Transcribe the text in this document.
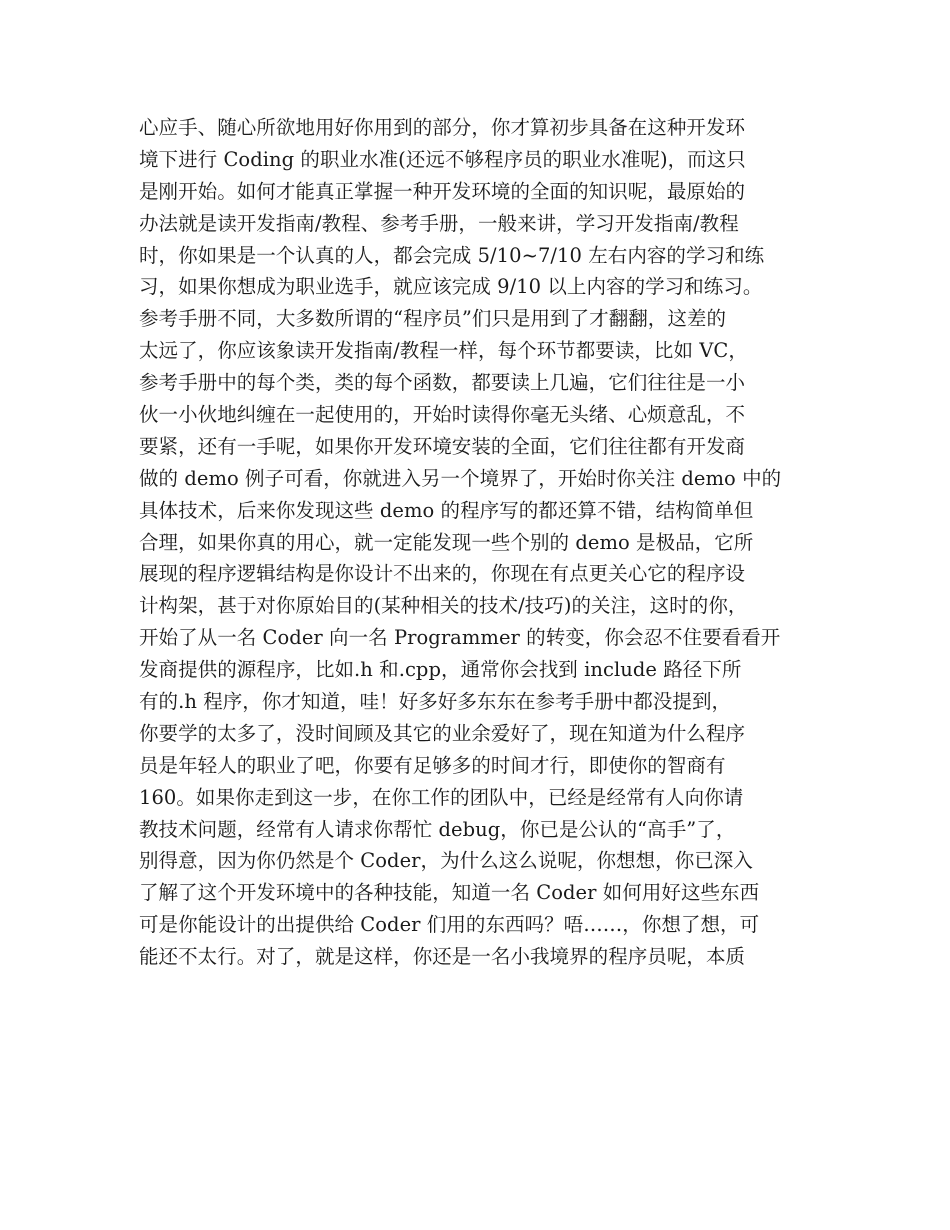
心应手、随心所欲地用好你用到的部分，你才算初步具备在这种开发环
境下进行 Coding 的职业水准(还远不够程序员的职业水准呢)，而这只
是刚开始。如何才能真正掌握一种开发环境的全面的知识呢，最原始的
办法就是读开发指南/教程、参考手册，一般来讲，学习开发指南/教程
时，你如果是一个认真的人，都会完成 5/10~7/10 左右内容的学习和练
习，如果你想成为职业选手，就应该完成 9/10 以上内容的学习和练习。
参考手册不同，大多数所谓的“程序员”们只是用到了才翻翻，这差的
太远了，你应该象读开发指南/教程一样，每个环节都要读，比如 VC，
参考手册中的每个类，类的每个函数，都要读上几遍，它们往往是一小
伙一小伙地纠缠在一起使用的，开始时读得你毫无头绪、心烦意乱，不
要紧，还有一手呢，如果你开发环境安装的全面，它们往往都有开发商
做的 demo 例子可看，你就进入另一个境界了，开始时你关注 demo 中的
具体技术，后来你发现这些 demo 的程序写的都还算不错，结构简单但
合理，如果你真的用心，就一定能发现一些个别的 demo 是极品，它所
展现的程序逻辑结构是你设计不出来的，你现在有点更关心它的程序设
计构架，甚于对你原始目的(某种相关的技术/技巧)的关注，这时的你，
开始了从一名 Coder 向一名 Programmer 的转变，你会忍不住要看看开
发商提供的源程序，比如.h 和.cpp，通常你会找到 include 路径下所
有的.h 程序，你才知道，哇！好多好多东东在参考手册中都没提到，
你要学的太多了，没时间顾及其它的业余爱好了，现在知道为什么程序
员是年轻人的职业了吧，你要有足够多的时间才行，即使你的智商有
160。如果你走到这一步，在你工作的团队中，已经是经常有人向你请
教技术问题，经常有人请求你帮忙 debug，你已是公认的“高手”了，
别得意，因为你仍然是个 Coder，为什么这么说呢，你想想，你已深入
了解了这个开发环境中的各种技能，知道一名 Coder 如何用好这些东西
可是你能设计的出提供给 Coder 们用的东西吗？唔……，你想了想，可
能还不太行。对了，就是这样，你还是一名小我境界的程序员呢，本质
